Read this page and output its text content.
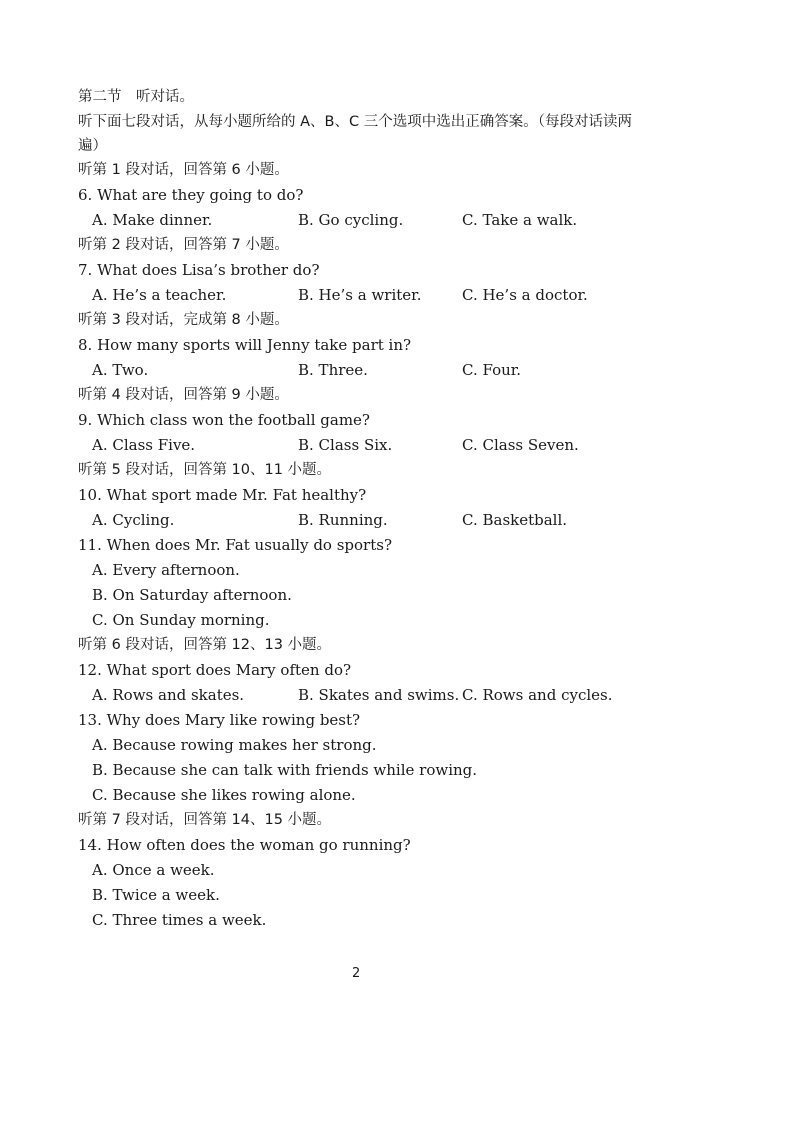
第二节　听对话。
听下面七段对话，从每小题所给的 A、B、C 三个选项中选出正确答案。（每段对话读两遍）
听第 1 段对话，回答第 6 小题。
6. What are they going to do?
A. Make dinner.	B. Go cycling.	C. Take a walk.
听第 2 段对话，回答第 7 小题。
7. What does Lisa’s brother do?
A. He’s a teacher.	B. He’s a writer.	C. He’s a doctor.
听第 3 段对话，完成第 8 小题。
8. How many sports will Jenny take part in?
A. Two.	B. Three.	C. Four.
听第 4 段对话，回答第 9 小题。
9. Which class won the football game?
A. Class Five.	B. Class Six.	C. Class Seven.
听第 5 段对话，回答第 10、11 小题。
10. What sport made Mr. Fat healthy?
A. Cycling.	B. Running.	C. Basketball.
11. When does Mr. Fat usually do sports?
A. Every afternoon.
B. On Saturday afternoon.
C. On Sunday morning.
听第 6 段对话，回答第 12、13 小题。
12. What sport does Mary often do?
A. Rows and skates.	B. Skates and swims. C. Rows and cycles.
13. Why does Mary like rowing best?
A. Because rowing makes her strong.
B. Because she can talk with friends while rowing.
C. Because she likes rowing alone.
听第 7 段对话，回答第 14、15 小题。
14. How often does the woman go running?
A. Once a week.
B. Twice a week.
C. Three times a week.
2
